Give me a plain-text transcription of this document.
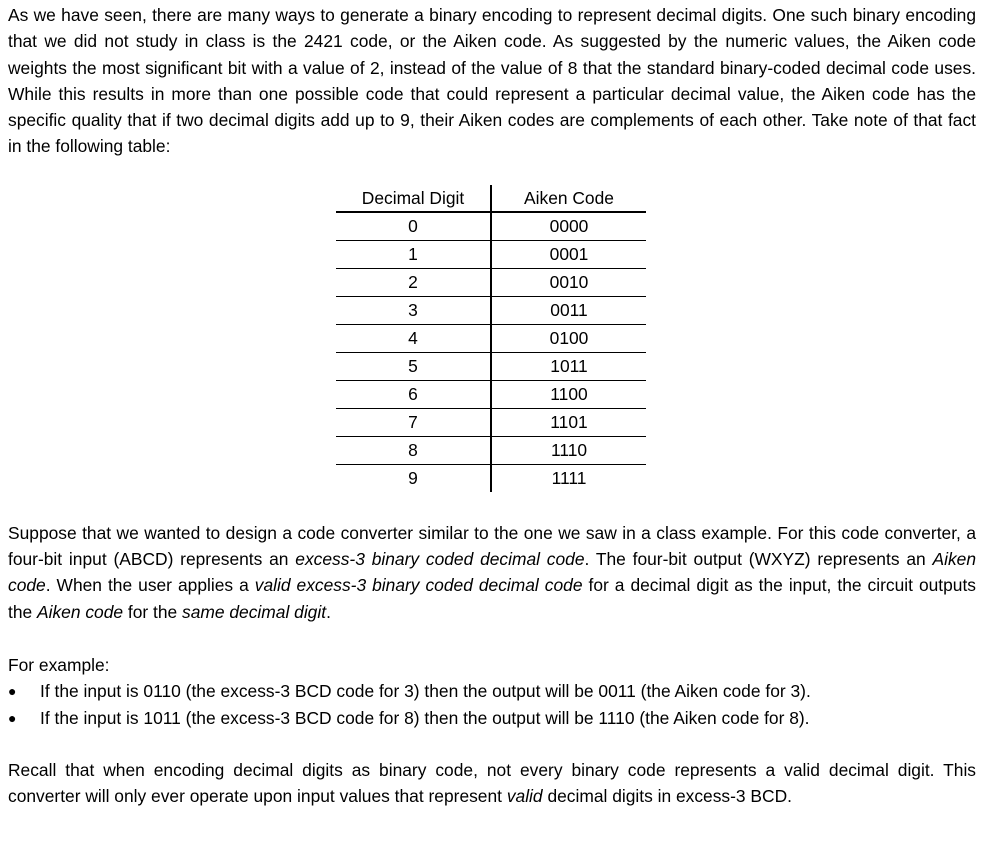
As we have seen, there are many ways to generate a binary encoding to represent decimal digits. One such binary encoding that we did not study in class is the 2421 code, or the Aiken code. As suggested by the numeric values, the Aiken code weights the most significant bit with a value of 2, instead of the value of 8 that the standard binary-coded decimal code uses. While this results in more than one possible code that could represent a particular decimal value, the Aiken code has the specific quality that if two decimal digits add up to 9, their Aiken codes are complements of each other. Take note of that fact in the following table:

Decimal Digit	Aiken Code
0	0000
1	0001
2	0010
3	0011
4	0100
5	1011
6	1100
7	1101
8	1110
9	1111

Suppose that we wanted to design a code converter similar to the one we saw in a class example. For this code converter, a four-bit input (ABCD) represents an excess-3 binary coded decimal code. The four-bit output (WXYZ) represents an Aiken code. When the user applies a valid excess-3 binary coded decimal code for a decimal digit as the input, the circuit outputs the Aiken code for the same decimal digit.

For example:
● If the input is 0110 (the excess-3 BCD code for 3) then the output will be 0011 (the Aiken code for 3).
● If the input is 1011 (the excess-3 BCD code for 8) then the output will be 1110 (the Aiken code for 8).

Recall that when encoding decimal digits as binary code, not every binary code represents a valid decimal digit. This converter will only ever operate upon input values that represent valid decimal digits in excess-3 BCD.
